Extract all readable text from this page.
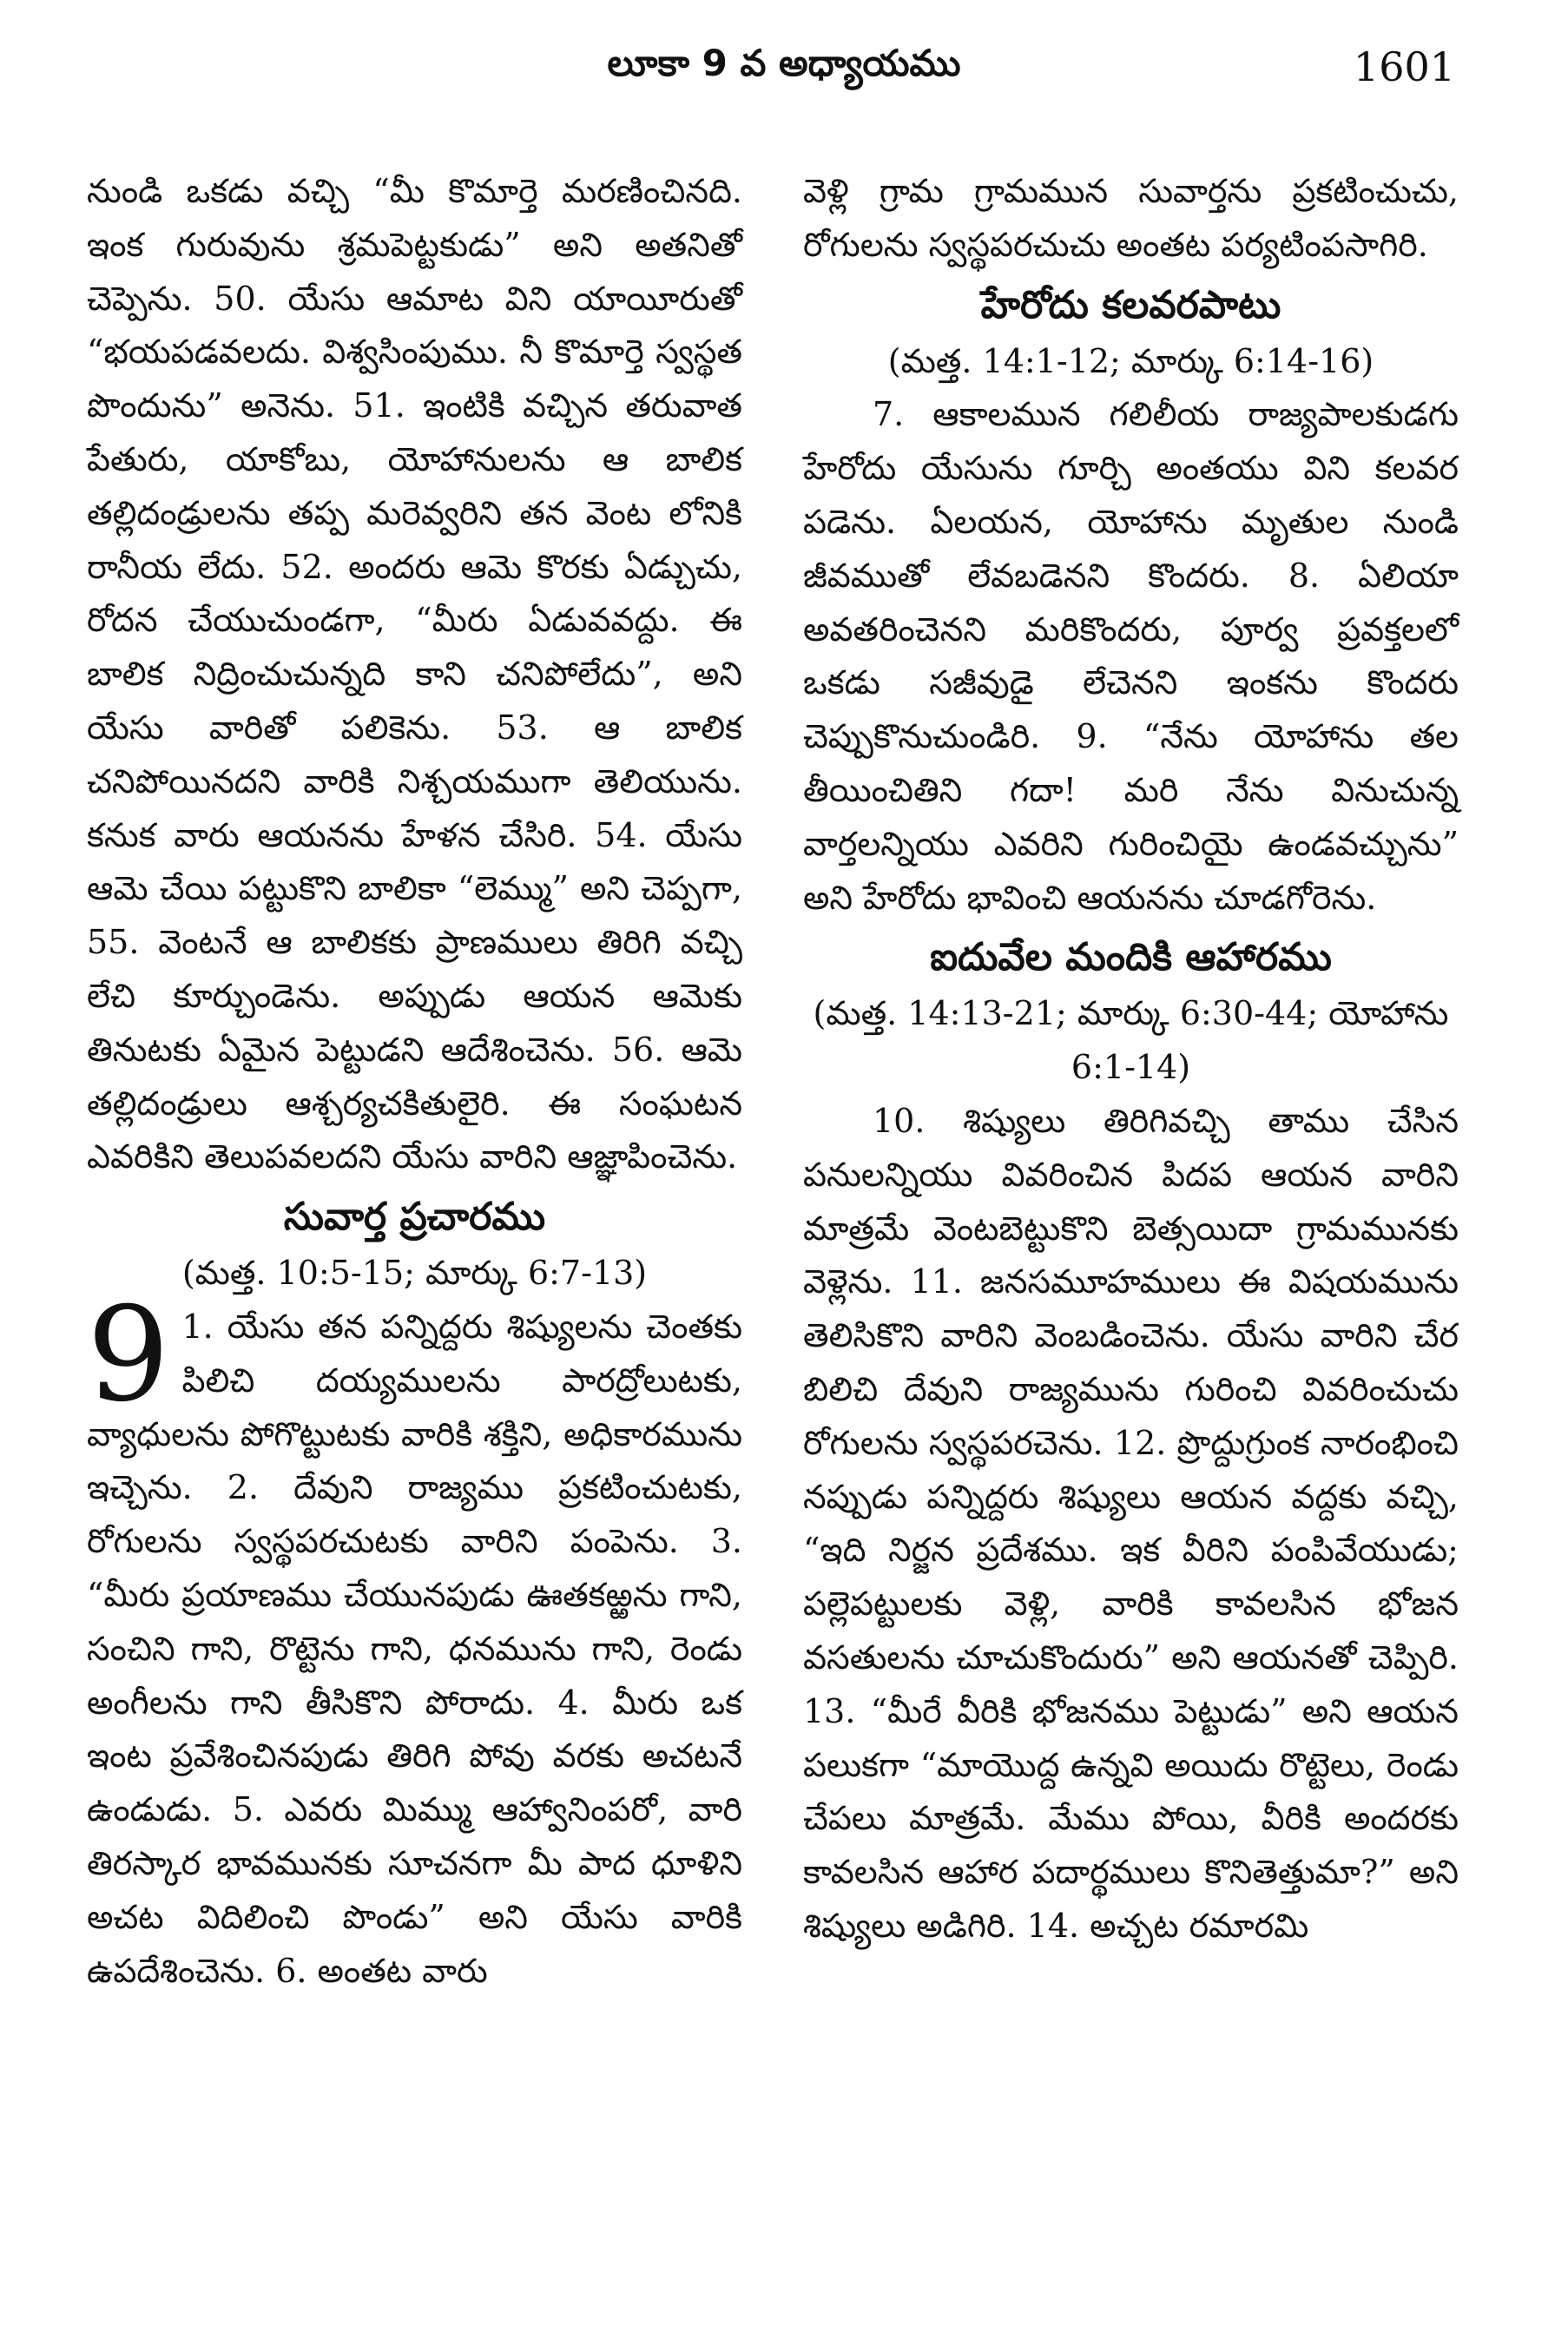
లూకా 9 వ అధ్యాయము	1601

నుండి ఒకడు వచ్చి “మీ కొమార్తె మరణించినది. ఇంక గురువును శ్రమపెట్టకుడు” అని అతనితో చెప్పెను. 50. యేసు ఆమాట విని యాయీరుతో “భయపడవలదు. విశ్వసింపుము. నీ కొమార్తె స్వస్థత పొందును” అనెను. 51. ఇంటికి వచ్చిన తరువాత పేతురు, యాకోబు, యోహానులను ఆ బాలిక తల్లిదండ్రులను తప్ప మరెవ్వరిని తన వెంట లోనికి రానీయ లేదు. 52. అందరు ఆమె కొరకు ఏడ్చుచు, రోదన చేయుచుండగా, “మీరు ఏడువవద్దు. ఈ బాలిక నిద్రించుచున్నది కాని చనిపోలేదు”, అని యేసు వారితో పలికెను. 53. ఆ బాలిక చనిపోయినదని వారికి నిశ్చయముగా తెలియును. కనుక వారు ఆయనను హేళన చేసిరి. 54. యేసు ఆమె చేయి పట్టుకొని బాలికా “లెమ్ము” అని చెప్పగా, 55. వెంటనే ఆ బాలికకు ప్రాణములు తిరిగి వచ్చి లేచి కూర్చుండెను. అప్పుడు ఆయన ఆమెకు తినుటకు ఏమైన పెట్టుడని ఆదేశించెను. 56. ఆమె తల్లిదండ్రులు ఆశ్చర్యచకితులైరి. ఈ సంఘటన ఎవరికిని తెలుపవలదని యేసు వారిని ఆజ్ఞాపించెను.

సువార్త ప్రచారము
(మత్త. 10:5-15; మార్కు 6:7-13)

9 1. యేసు తన పన్నిద్దరు శిష్యులను చెంతకు పిలిచి దయ్యములను పారద్రోలుటకు, వ్యాధులను పోగొట్టుటకు వారికి శక్తిని, అధికారమును ఇచ్చెను. 2. దేవుని రాజ్యము ప్రకటించుటకు, రోగులను స్వస్థపరచుటకు వారిని పంపెను. 3. “మీరు ప్రయాణము చేయునపుడు ఊతకఱ్ఱను గాని, సంచిని గాని, రొట్టెను గాని, ధనమును గాని, రెండు అంగీలను గాని తీసికొని పోరాదు. 4. మీరు ఒక ఇంట ప్రవేశించినపుడు తిరిగి పోవు వరకు అచటనే ఉండుడు. 5. ఎవరు మిమ్ము ఆహ్వానింపరో, వారి తిరస్కార భావమునకు సూచనగా మీ పాద ధూళిని అచట విదిలించి పొండు” అని యేసు వారికి ఉపదేశించెను. 6. అంతట వారు

వెళ్లి గ్రామ గ్రామమున సువార్తను ప్రకటించుచు, రోగులను స్వస్థపరచుచు అంతట పర్యటింపసాగిరి.

హేరోదు కలవరపాటు
(మత్త. 14:1-12; మార్కు 6:14-16)

7. ఆకాలమున గలిలీయ రాజ్యపాలకుడగు హేరోదు యేసును గూర్చి అంతయు విని కలవర పడెను. ఏలయన, యోహాను మృతుల నుండి జీవముతో లేవబడెనని కొందరు. 8. ఏలియా అవతరించెనని మరికొందరు, పూర్వ ప్రవక్తలలో ఒకడు సజీవుడై లేచెనని ఇంకను కొందరు చెప్పుకొనుచుండిరి. 9. “నేను యోహాను తల తీయించితిని గదా! మరి నేను వినుచున్న వార్తలన్నియు ఎవరిని గురించియై ఉండవచ్చును” అని హేరోదు భావించి ఆయనను చూడగోరెను.

ఐదువేల మందికి ఆహారము
(మత్త. 14:13-21; మార్కు 6:30-44; యోహాను 6:1-14)

10. శిష్యులు తిరిగివచ్చి తాము చేసిన పనులన్నియు వివరించిన పిదప ఆయన వారిని మాత్రమే వెంటబెట్టుకొని బెత్సయిదా గ్రామమునకు వెళ్లెను. 11. జనసమూహములు ఈ విషయమును తెలిసికొని వారిని వెంబడించెను. యేసు వారిని చేర బిలిచి దేవుని రాజ్యమును గురించి వివరించుచు రోగులను స్వస్థపరచెను. 12. ప్రొద్దుగ్రుంక నారంభించి నప్పుడు పన్నిద్దరు శిష్యులు ఆయన వద్దకు వచ్చి, “ఇది నిర్జన ప్రదేశము. ఇక వీరిని పంపివేయుడు; పల్లెపట్టులకు వెళ్లి, వారికి కావలసిన భోజన వసతులను చూచుకొందురు” అని ఆయనతో చెప్పిరి. 13. “మీరే వీరికి భోజనము పెట్టుడు” అని ఆయన పలుకగా “మాయొద్ద ఉన్నవి అయిదు రొట్టెలు, రెండు చేపలు మాత్రమే. మేము పోయి, వీరికి అందరకు కావలసిన ఆహార పదార్థములు కొనితెత్తుమా?” అని శిష్యులు అడిగిరి. 14. అచ్చట రమారమి
